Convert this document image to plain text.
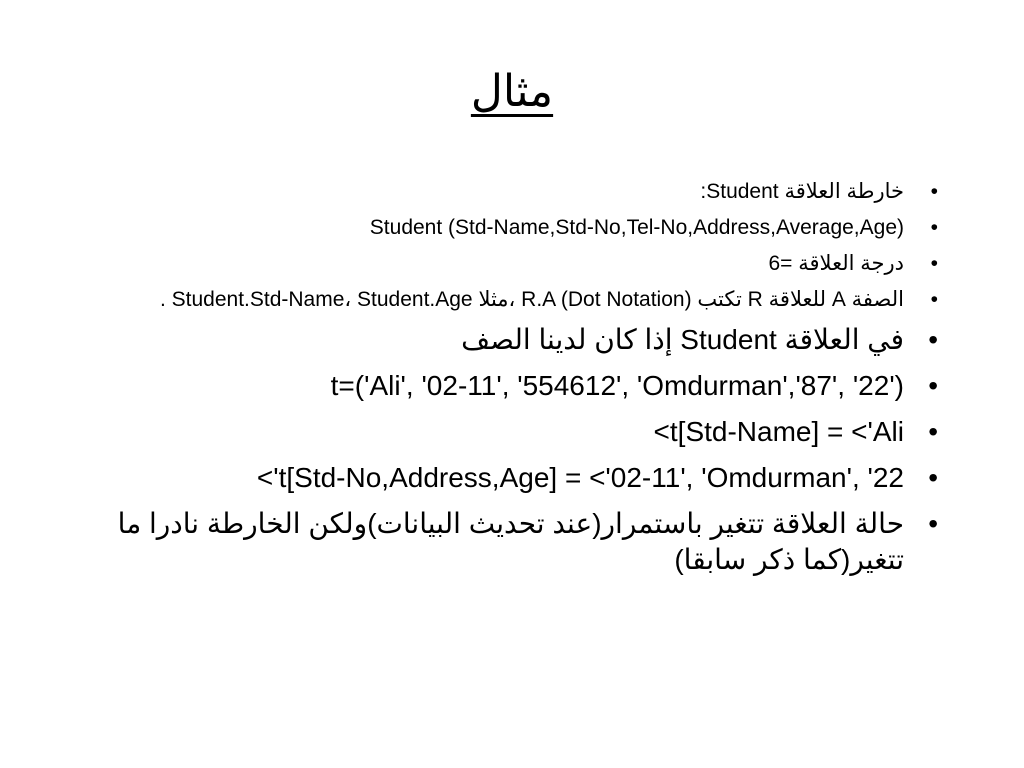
مثال
• خارطة العلاقة Student:
• Student (Std-Name,Std-No,Tel-No,Address,Average,Age)
• درجة العلاقة =6
• الصفة A للعلاقة R تكتب R.A (Dot Notation) ،مثلا Student.Std-Name، Student.Age .
• في العلاقة Student إذا كان لدينا الصف
• t=('Ali', '02-11', '554612', 'Omdurman','87', '22')
• t[Std-Name] = <'Ali>
• t[Std-No,Address,Age] = <'02-11', 'Omdurman', '22'>
• حالة العلاقة تتغير باستمرار(عند تحديث البيانات)ولكن الخارطة نادرا ما تتغير(كما ذكر سابقا)
